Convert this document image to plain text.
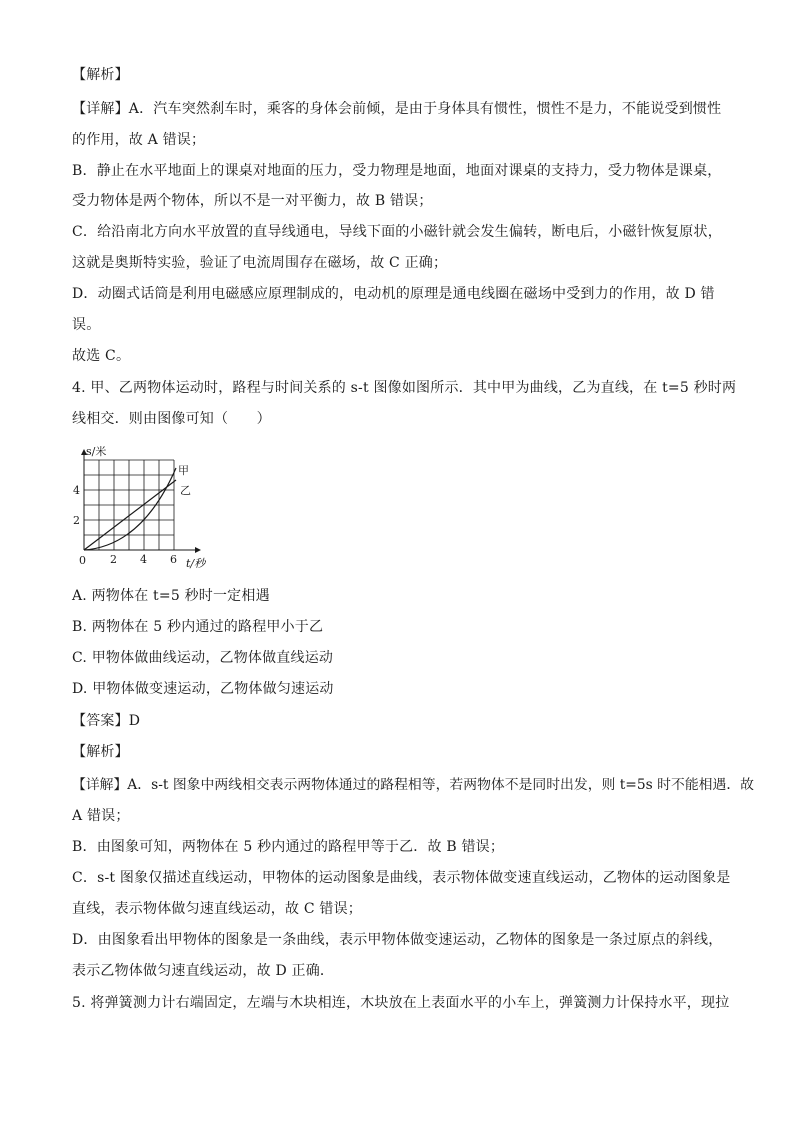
【解析】
【详解】A．汽车突然刹车时，乘客的身体会前倾，是由于身体具有惯性，惯性不是力，不能说受到惯性
的作用，故 A 错误；
B．静止在水平地面上的课桌对地面的压力，受力物理是地面，地面对课桌的支持力，受力物体是课桌，
受力物体是两个物体，所以不是一对平衡力，故 B 错误；
C．给沿南北方向水平放置的直导线通电，导线下面的小磁针就会发生偏转，断电后，小磁针恢复原状，
这就是奥斯特实验，验证了电流周围存在磁场，故 C 正确；
D．动圈式话筒是利用电磁感应原理制成的，电动机的原理是通电线圈在磁场中受到力的作用，故 D 错
误。
故选 C。
4. 甲、乙两物体运动时，路程与时间关系的 s-t 图像如图所示．其中甲为曲线，乙为直线，在 t=5 秒时两
线相交．则由图像可知（　　）
s/米
4
2
0 2 4 6 t/秒
甲
乙
A. 两物体在 t=5 秒时一定相遇
B. 两物体在 5 秒内通过的路程甲小于乙
C. 甲物体做曲线运动，乙物体做直线运动
D. 甲物体做变速运动，乙物体做匀速运动
【答案】D
【解析】
【详解】A．s-t 图象中两线相交表示两物体通过的路程相等，若两物体不是同时出发，则 t=5s 时不能相遇．故
A 错误；
B．由图象可知，两物体在 5 秒内通过的路程甲等于乙．故 B 错误；
C．s-t 图象仅描述直线运动，甲物体的运动图象是曲线，表示物体做变速直线运动，乙物体的运动图象是
直线，表示物体做匀速直线运动，故 C 错误；
D．由图象看出甲物体的图象是一条曲线，表示甲物体做变速运动，乙物体的图象是一条过原点的斜线，
表示乙物体做匀速直线运动，故 D 正确．
5. 将弹簧测力计右端固定，左端与木块相连，木块放在上表面水平的小车上，弹簧测力计保持水平，现拉
